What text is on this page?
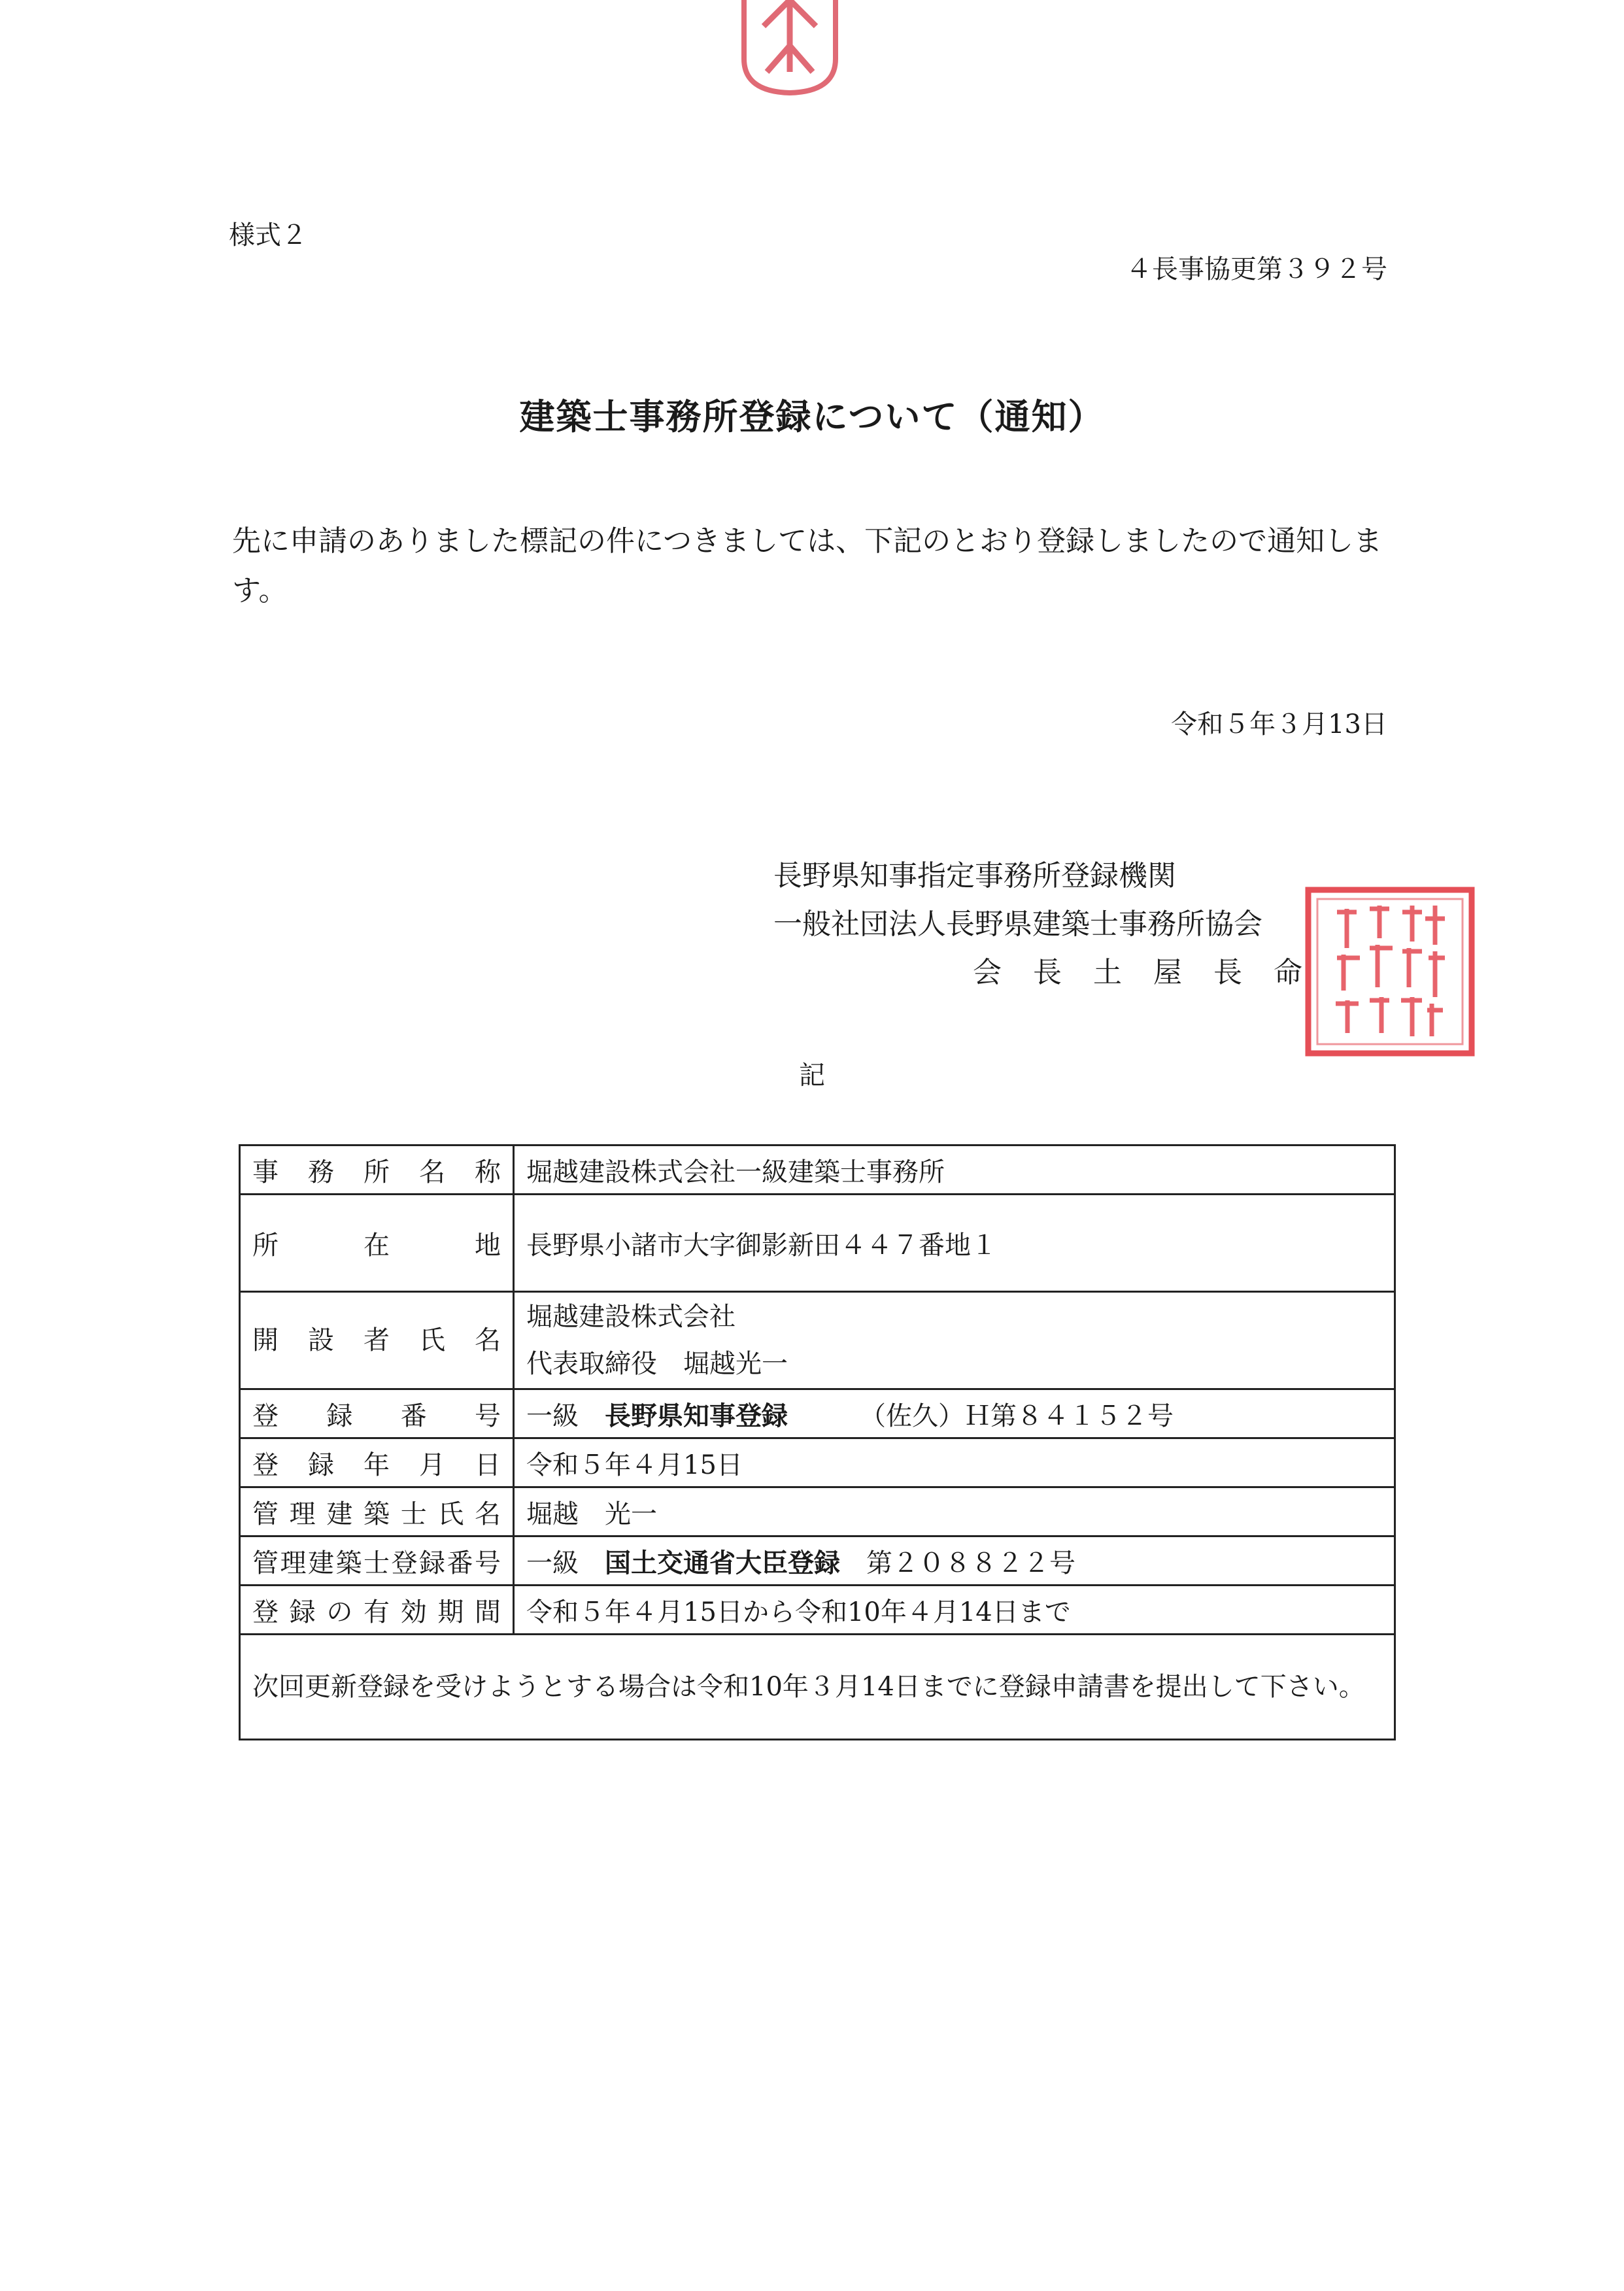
様式２
４長事協更第３９２号
建築士事務所登録について（通知）
先に申請のありました標記の件につきましては、下記のとおり登録しましたので通知します。
令和５年３月13日
長野県知事指定事務所登録機関
一般社団法人長野県建築士事務所協会
会長土屋長命
記
事務所名称	堀越建設株式会社一級建築士事務所
所在地	長野県小諸市大字御影新田４４７番地１
開設者氏名	堀越建設株式会社
代表取締役　堀越光一

登録番号	一級 長野県知事登録 （佐久）Ｈ第８４１５２号
登録年月日	令和５年４月15日
管理建築士氏名	堀越　光一
管理建築士登録番号	一級 国土交通省大臣登録 第２０８８２２号
登録の有効期間	令和５年４月15日から令和10年４月14日まで
次回更新登録を受けようとする場合は令和10年３月14日までに登録申請書を提出して下さい。	
